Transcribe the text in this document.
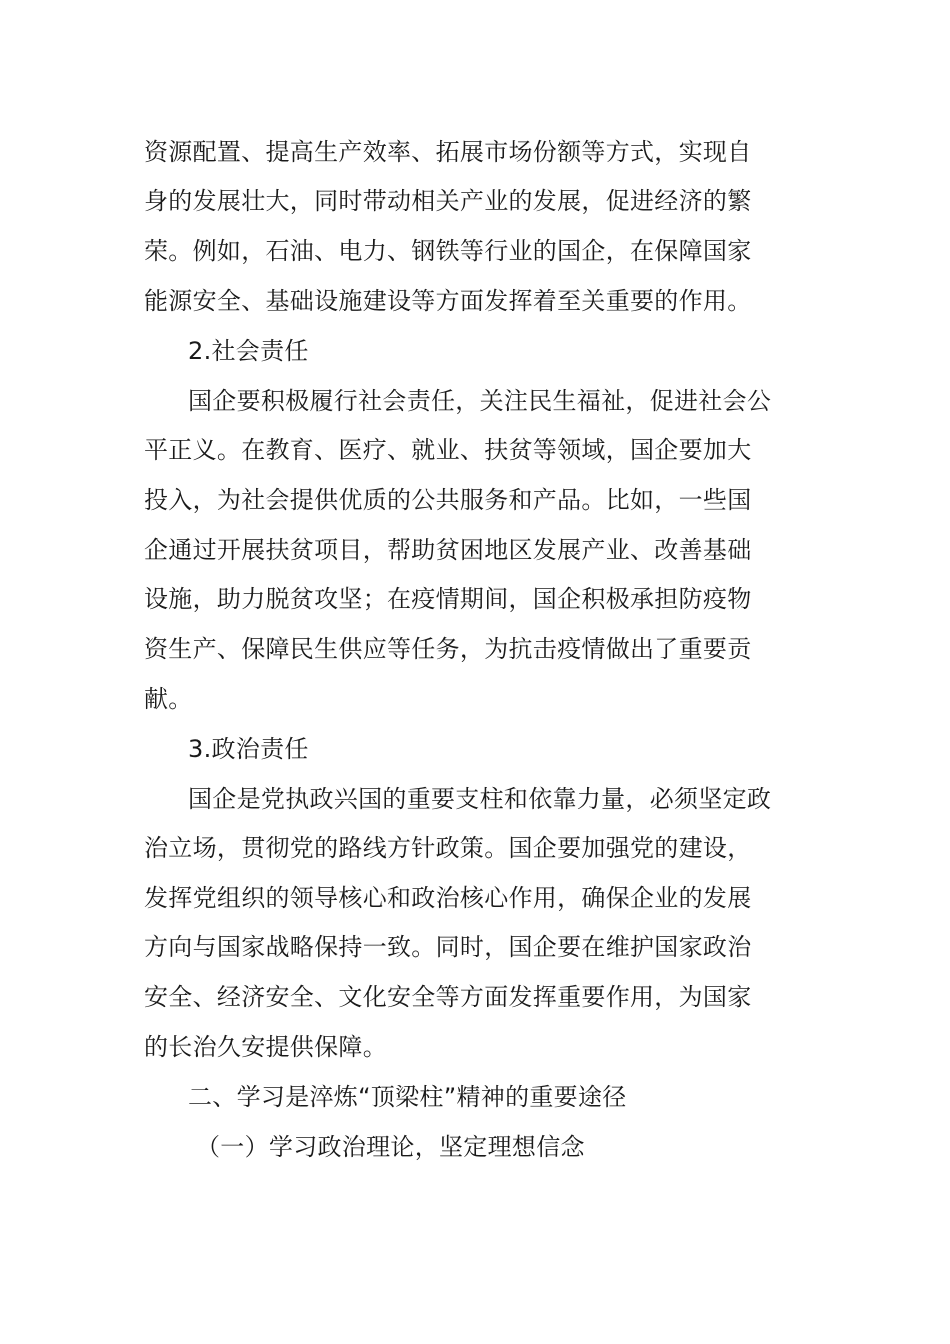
资源配置、提高生产效率、拓展市场份额等方式，实现自
身的发展壮大，同时带动相关产业的发展，促进经济的繁
荣。例如，石油、电力、钢铁等行业的国企，在保障国家
能源安全、基础设施建设等方面发挥着至关重要的作用。
2.社会责任
国企要积极履行社会责任，关注民生福祉，促进社会公
平正义。在教育、医疗、就业、扶贫等领域，国企要加大
投入，为社会提供优质的公共服务和产品。比如，一些国
企通过开展扶贫项目，帮助贫困地区发展产业、改善基础
设施，助力脱贫攻坚；在疫情期间，国企积极承担防疫物
资生产、保障民生供应等任务，为抗击疫情做出了重要贡
献。
3.政治责任
国企是党执政兴国的重要支柱和依靠力量，必须坚定政
治立场，贯彻党的路线方针政策。国企要加强党的建设，
发挥党组织的领导核心和政治核心作用，确保企业的发展
方向与国家战略保持一致。同时，国企要在维护国家政治
安全、经济安全、文化安全等方面发挥重要作用，为国家
的长治久安提供保障。
二、学习是淬炼“顶梁柱”精神的重要途径
（一）学习政治理论，坚定理想信念
